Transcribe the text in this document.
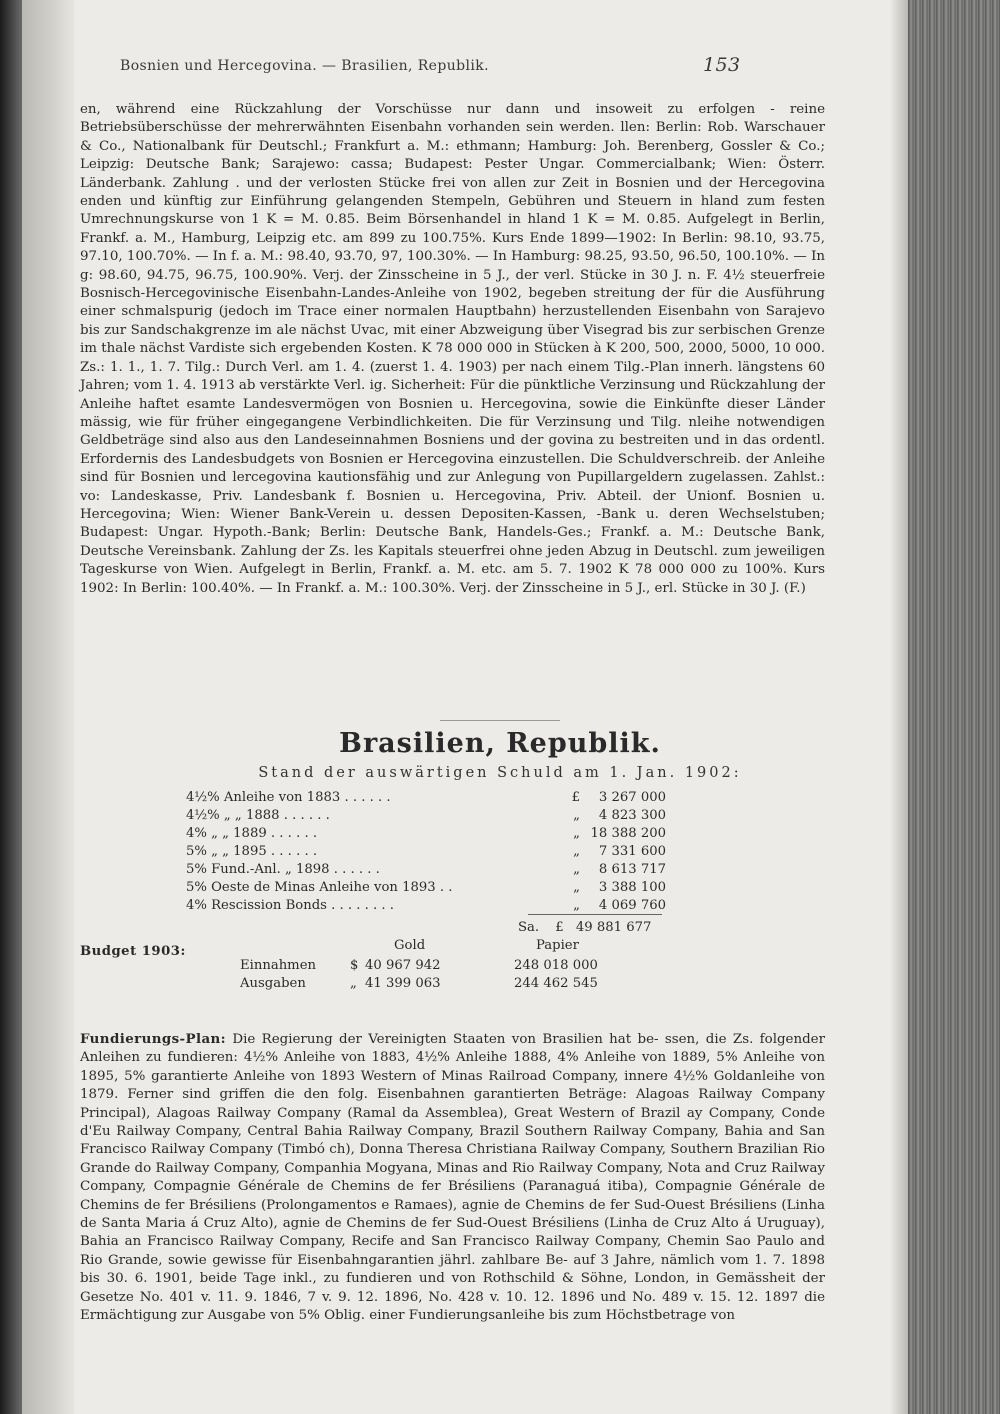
Bosnien und Hercegovina. — Brasilien, Republik.	153

en, während eine Rückzahlung der Vorschüsse nur dann und insoweit zu erfolgen - reine Betriebsüberschüsse der mehrerwähnten Eisenbahn vorhanden sein werden. llen: Berlin: Rob. Warschauer & Co., Nationalbank für Deutschl.; Frankfurt a. M.: ethmann; Hamburg: Joh. Berenberg, Gossler & Co.; Leipzig: Deutsche Bank; Sarajewo: cassa; Budapest: Pester Ungar. Commercialbank; Wien: Österr. Länderbank. Zahlung . und der verlosten Stücke frei von allen zur Zeit in Bosnien und der Hercegovina enden und künftig zur Einführung gelangenden Stempeln, Gebühren und Steuern in hland zum festen Umrechnungskurse von 1 K = M. 0.85. Beim Börsenhandel in hland 1 K = M. 0.85. Aufgelegt in Berlin, Frankf. a. M., Hamburg, Leipzig etc. am 899 zu 100.75%. Kurs Ende 1899—1902: In Berlin: 98.10, 93.75, 97.10, 100.70%. — In f. a. M.: 98.40, 93.70, 97, 100.30%. — In Hamburg: 98.25, 93.50, 96.50, 100.10%. — In g: 98.60, 94.75, 96.75, 100.90%. Verj. der Zinsscheine in 5 J., der verl. Stücke in 30 J. n. F. 4½ steuerfreie Bosnisch-Hercegovinische Eisenbahn-Landes-Anleihe von 1902, begeben streitung der für die Ausführung einer schmalspurig (jedoch im Trace einer normalen Hauptbahn) herzustellenden Eisenbahn von Sarajevo bis zur Sandschakgrenze im ale nächst Uvac, mit einer Abzweigung über Visegrad bis zur serbischen Grenze im thale nächst Vardiste sich ergebenden Kosten. K 78 000 000 in Stücken à K 200, 500, 2000, 5000, 10 000. Zs.: 1. 1., 1. 7. Tilg.: Durch Verl. am 1. 4. (zuerst 1. 4. 1903) per nach einem Tilg.-Plan innerh. längstens 60 Jahren; vom 1. 4. 1913 ab verstärkte Verl. ig. Sicherheit: Für die pünktliche Verzinsung und Rückzahlung der Anleihe haftet esamte Landesvermögen von Bosnien u. Hercegovina, sowie die Einkünfte dieser Länder mässig, wie für früher eingegangene Verbindlichkeiten. Die für Verzinsung und Tilg. nleihe notwendigen Geldbeträge sind also aus den Landeseinnahmen Bosniens und der govina zu bestreiten und in das ordentl. Erfordernis des Landesbudgets von Bosnien er Hercegovina einzustellen. Die Schuldverschreib. der Anleihe sind für Bosnien und lercegovina kautionsfähig und zur Anlegung von Pupillargeldern zugelassen. Zahlst.: vo: Landeskasse, Priv. Landesbank f. Bosnien u. Hercegovina, Priv. Abteil. der Unionf. Bosnien u. Hercegovina; Wien: Wiener Bank-Verein u. dessen Depositen-Kassen, -Bank u. deren Wechselstuben; Budapest: Ungar. Hypoth.-Bank; Berlin: Deutsche Bank, Handels-Ges.; Frankf. a. M.: Deutsche Bank, Deutsche Vereinsbank. Zahlung der Zs. les Kapitals steuerfrei ohne jeden Abzug in Deutschl. zum jeweiligen Tageskurse von Wien. Aufgelegt in Berlin, Frankf. a. M. etc. am 5. 7. 1902 K 78 000 000 zu 100%. Kurs 1902: In Berlin: 100.40%. — In Frankf. a. M.: 100.30%. Verj. der Zinsscheine in 5 J., erl. Stücke in 30 J. (F.)

Brasilien, Republik.
Stand der auswärtigen Schuld am 1. Jan. 1902:
4½% Anleihe von 1883 . . . . . .	£	3 267 000
4½% „ „ 1888 . . . . . .	„	4 823 300
4% „ „ 1889 . . . . . .	„	18 388 200
5% „ „ 1895 . . . . . .	„	7 331 600
5% Fund.-Anl. „ 1898 . . . . . .	„	8 613 717
5% Oeste de Minas Anleihe von 1893 . .	„	3 388 100
4% Rescission Bonds . . . . . . . .	„	4 069 760
Sa. £ 49 881 677
Budget 1903:	Gold	Papier
Einnahmen	$ 40 967 942	248 018 000
Ausgaben	„ 41 399 063	244 462 545
Fundierungs-Plan: Die Regierung der Vereinigten Staaten von Brasilien hat be- ssen, die Zs. folgender Anleihen zu fundieren: 4½% Anleihe von 1883, 4½% Anleihe 1888, 4% Anleihe von 1889, 5% Anleihe von 1895, 5% garantierte Anleihe von 1893 Western of Minas Railroad Company, innere 4½% Goldanleihe von 1879. Ferner sind griffen die den folg. Eisenbahnen garantierten Beträge: Alagoas Railway Company Principal), Alagoas Railway Company (Ramal da Assemblea), Great Western of Brazil ay Company, Conde d'Eu Railway Company, Central Bahia Railway Company, Brazil Southern Railway Company, Bahia and San Francisco Railway Company (Timbó ch), Donna Theresa Christiana Railway Company, Southern Brazilian Rio Grande do Railway Company, Companhia Mogyana, Minas and Rio Railway Company, Nota and Cruz Railway Company, Compagnie Générale de Chemins de fer Brésiliens (Paranaguá itiba), Compagnie Générale de Chemins de fer Brésiliens (Prolongamentos e Ramaes), agnie de Chemins de fer Sud-Ouest Brésiliens (Linha de Santa Maria á Cruz Alto), agnie de Chemins de fer Sud-Ouest Brésiliens (Linha de Cruz Alto á Uruguay), Bahia an Francisco Railway Company, Recife and San Francisco Railway Company, Chemin Sao Paulo and Rio Grande, sowie gewisse für Eisenbahngarantien jährl. zahlbare Be- auf 3 Jahre, nämlich vom 1. 7. 1898 bis 30. 6. 1901, beide Tage inkl., zu fundieren und von Rothschild & Söhne, London, in Gemässheit der Gesetze No. 401 v. 11. 9. 1846, 7 v. 9. 12. 1896, No. 428 v. 10. 12. 1896 und No. 489 v. 15. 12. 1897 die Ermächtigung zur Ausgabe von 5% Oblig. einer Fundierungsanleihe bis zum Höchstbetrage von
